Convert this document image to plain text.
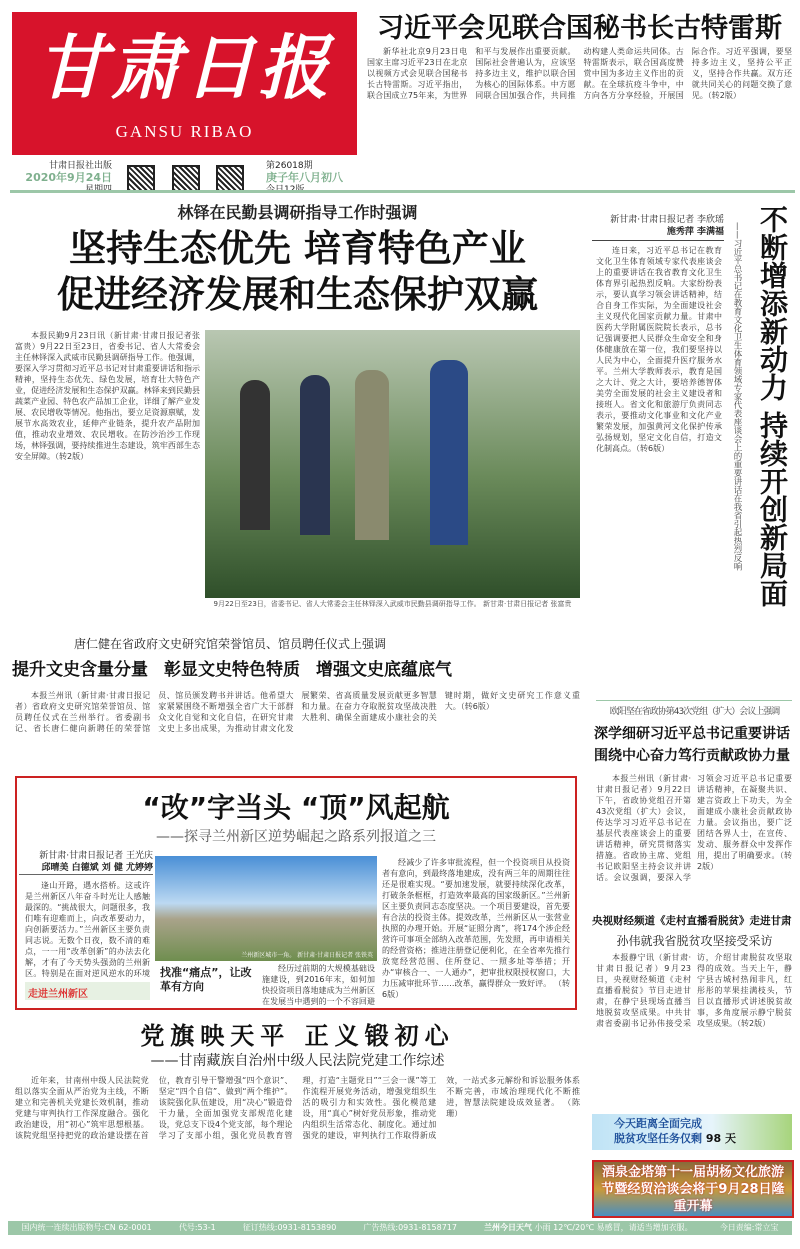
甘肃日报
GANSU RIBAO
甘肃日报社出版
2020年9月24日
第26018期
庚子年八月初八
习近平会见联合国秘书长古特雷斯
新华社北京9月23日电 国家主席习近平23日在北京以视频方式会见联合国秘书长古特雷斯。习近平指出，联合国成立75年来，为世界和平与发展作出重要贡献。国际社会普遍认为，应该坚持多边主义，维护以联合国为核心的国际体系。中方愿同联合国加强合作，共同推动构建人类命运共同体。古特雷斯表示，联合国高度赞赏中国为多边主义作出的贡献。在全球抗疫斗争中，中方向各方分享经验，开展国际合作。习近平强调，要坚持多边主义，坚持公平正义，坚持合作共赢。双方还就共同关心的问题交换了意见。（转2版）
林铎在民勤县调研指导工作时强调
坚持生态优先 培育特色产业
促进经济发展和生态保护双赢
本报民勤9月23日讯（新甘肃·甘肃日报记者张富贵）9月22日至23日，省委书记、省人大常委会主任林铎深入武威市民勤县调研指导工作。他强调，要深入学习贯彻习近平总书记对甘肃重要讲话和指示精神，坚持生态优先、绿色发展，培育壮大特色产业，促进经济发展和生态保护双赢。林铎来到民勤县蔬菜产业园、特色农产品加工企业，详细了解产业发展、农民增收等情况。他指出，要立足资源禀赋，发展节水高效农业，延伸产业链条，提升农产品附加值，推动农业增效、农民增收。在防沙治沙工作现场，林铎强调，要持续推进生态建设，筑牢西部生态安全屏障。（转2版）
9月22日至23日，省委书记、省人大常委会主任林铎深入武威市民勤县调研指导工作。 新甘肃·甘肃日报记者 张富贵
唐仁健在省政府文史研究馆荣誉馆员、馆员聘任仪式上强调
提升文史含量分量 彰显文史特色特质 增强文史底蕴底气
本报兰州讯（新甘肃·甘肃日报记者）省政府文史研究馆荣誉馆员、馆员聘任仪式在兰州举行。省委副书记、省长唐仁健向新聘任的荣誉馆员、馆员颁发聘书并讲话。他希望大家紧紧围绕不断增强全省广大干部群众文化自觉和文化自信，在研究甘肃文史上多出成果，为推动甘肃文化发展繁荣、省高质量发展贡献更多智慧和力量。在奋力夺取脱贫攻坚战决胜大胜利、确保全面建成小康社会的关键时期，做好文史研究工作意义重大。（转6版）
“改”字当头 “顶”风起航
——探寻兰州新区逆势崛起之路系列报道之三
新甘肃·甘肃日报记者 王光庆
邱晴美 白德斌 刘 健 尤婷婷
逢山开路，遇水搭桥。这或许是兰州新区八年奋斗时光让人感触最深的。“挑战很大，问题很多，我们唯有迎难而上，向改革要动力，向创新要活力。”兰州新区主要负责同志说。无数个日夜，数不清的难点，一一用“改革创新”的办法去化解，才有了今天势头强劲的兰州新区。特别是在面对逆风逆水的环境
走进兰州新区
兰州新区城市一角。 新甘肃·甘肃日报记者 张铁英
找准“痛点”，让改革有方向
经历过前期的大规模基础设施建设，到2016年末，如何加快投资项目落地建成为兰州新区在发展当中遇到的一个不容回避
经减少了许多审批流程，但一个投资项目从投资者有意向，到最终落地建成，没有两三年的周期往往还是很难实现。“要加速发展，就要持续深化改革，打破条条框框，打造效率最高的国家级新区。”兰州新区主要负责同志态度坚决。一个项目要建设，首先要有合法的投资主体。提效改革，兰州新区从一张营业执照的办理开始。开展“证照分离”，将174个涉企经营许可事项全部纳入改革范围，先发照，再申请相关的经营资格；推进注册登记便利化，在全省率先推行放宽经营范围、住所登记、一照多址等举措；开办“审核合一、一人通办”，把审批权限授权窗口，大力压减审批环节……改革，赢得群众一致好评。 （转6版）
党旗映天平 正义锻初心
——甘南藏族自治州中级人民法院党建工作综述
近年来，甘南州中级人民法院党组以落实全面从严治党为主线，不断建立和完善机关党建长效机制，推动党建与审判执行工作深度融合。强化政治建设，用“初心”筑牢思想根基。该院党组坚持把党的政治建设摆在首位，教育引导干警增强“四个意识”、坚定“四个自信”、做到“两个维护”。该院强化队伍建设，用“决心”锻造骨干力量，全面加强党支部规范化建设，党总支下设4个党支部，每个理论学习了支部小组，强化党员教育管理，打造“主题党日”“三会一课”等工作流程开展党务活动，增强党组织生活的吸引力和实效性。强化模范建设，用“真心”树好党员形象，推动党内组织生活常态化、制度化。通过加强党的建设，审判执行工作取得新成效，一站式多元解纷和诉讼服务体系不断完善，市域治理现代化不断推进，智慧法院建设成效显著。 （陈 珊）
新甘肃·甘肃日报记者 李欣瑶
施秀萍 李满福
连日来，习近平总书记在教育文化卫生体育领域专家代表座谈会上的重要讲话在我省教育文化卫生体育界引起热烈反响。大家纷纷表示，要认真学习领会讲话精神，结合自身工作实际，为全面建设社会主义现代化国家贡献力量。甘肃中医药大学附属医院院长表示，总书记强调要把人民群众生命安全和身体健康放在第一位，我们要坚持以人民为中心，全面提升医疗服务水平。兰州大学教师表示，教育是国之大计、党之大计，要培养德智体美劳全面发展的社会主义建设者和接班人。省文化和旅游厅负责同志表示，要推动文化事业和文化产业繁荣发展，加强黄河文化保护传承弘扬规划，坚定文化自信，打造文化制高点。（转6版）	——习近平总书记在教育文化卫生体育领域专家代表座谈会上的重要讲话在我省引起热烈反响 不断增添新动力持续开创新局面
欧阳坚在省政协第43次党组（扩大）会议上强调
深学细研习近平总书记重要讲话
围绕中心奋力笃行贡献政协力量
本报兰州讯（新甘肃·甘肃日报记者）9月22日下午，省政协党组召开第43次党组（扩大）会议，传达学习习近平总书记在基层代表座谈会上的重要讲话精神，研究贯彻落实措施。省政协主席、党组书记欧阳坚主持会议并讲话。会议强调，要深入学习领会习近平总书记重要讲话精神，在凝聚共识、建言资政上下功夫，为全面建成小康社会贡献政协力量。会议指出，要广泛团结各界人士，在宣传、发动、服务群众中发挥作用，提出了明确要求。（转2版）
央视财经频道《走村直播看脱贫》走进甘肃
孙伟就我省脱贫攻坚接受采访
本报静宁讯（新甘肃·甘肃日报记者）9月23日，央视财经频道《走村直播看脱贫》节目走进甘肃，在静宁县现场直播当地脱贫攻坚成果。中共甘肃省委副书记孙伟接受采访，介绍甘肃脱贫攻坚取得的成效。当天上午，静宁县古城村热闹非凡，红彤彤的苹果挂满枝头，节目以直播形式讲述脱贫故事，多角度展示静宁脱贫攻坚成果。（转2版）
今天距离全面完成
脱贫攻坚任务仅剩 98 天
酒泉金塔第十一届胡杨文化旅游节暨经贸洽谈会将于9月28日隆重开幕
国内统一连续出版物号:CN 62-0001	代号:53-1	征订热线:0931-8153890	广告热线:0931-8158717	兰州今日天气 小雨 12℃/20℃ 易感冒，请适当增加衣服。	今日责编:常立宝
